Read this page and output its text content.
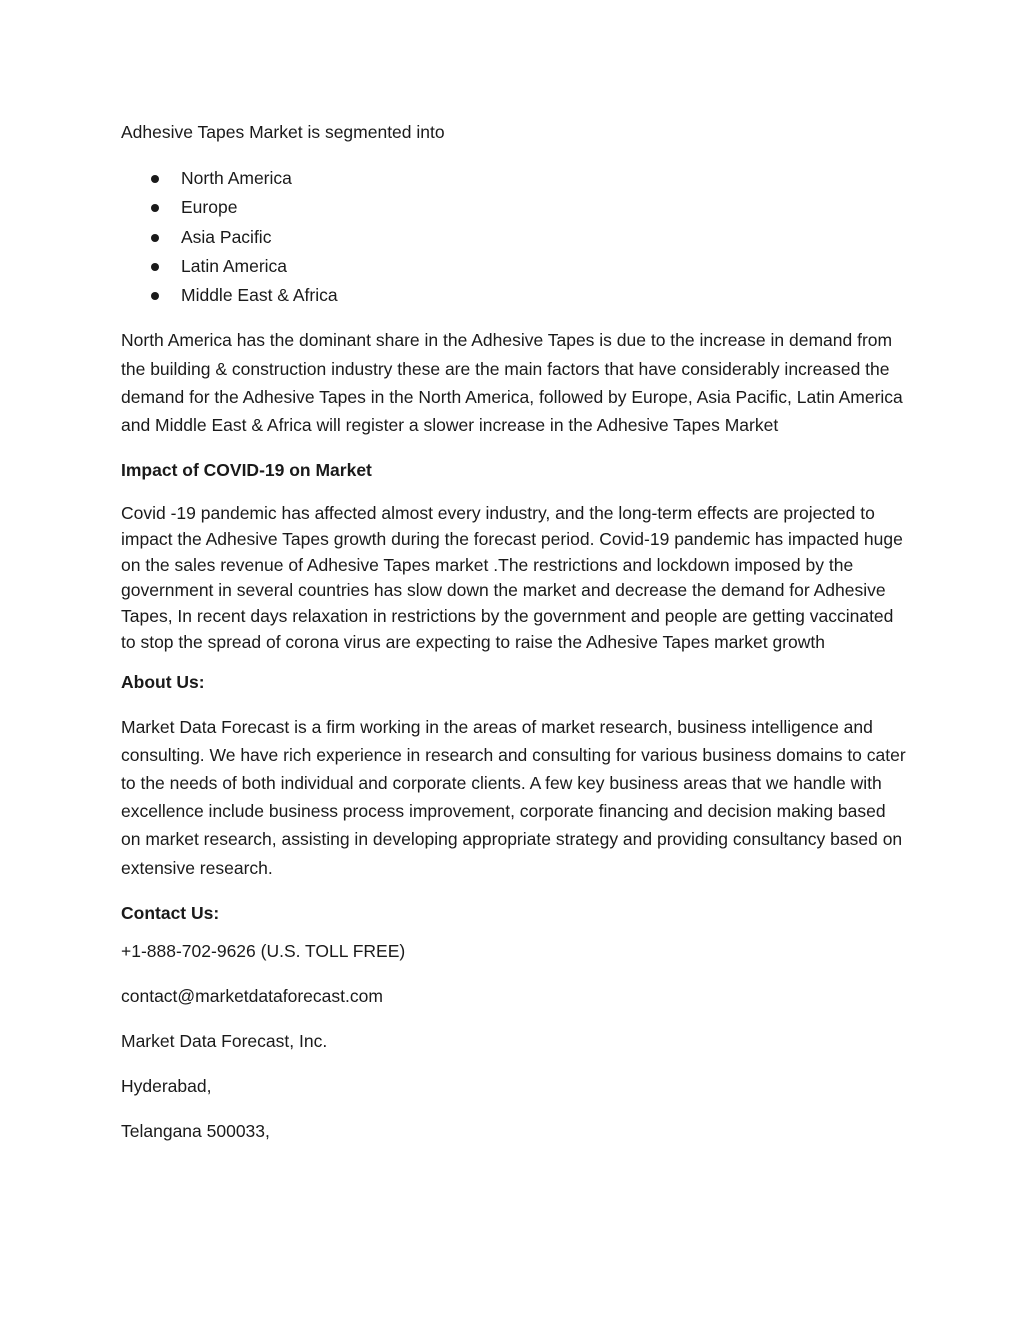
Adhesive Tapes Market is segmented into

North America
Europe
Asia Pacific
Latin America
Middle East & Africa

North America has the dominant share in the Adhesive Tapes is due to the increase in demand from the building & construction industry these are the main factors that have considerably increased the demand for the Adhesive Tapes in the North America, followed by Europe, Asia Pacific, Latin America and Middle East & Africa will register a slower increase in the Adhesive Tapes Market

Impact of COVID-19 on Market

Covid -19 pandemic has affected almost every industry, and the long-term effects are projected to impact the Adhesive Tapes growth during the forecast period. Covid-19 pandemic has impacted huge on the sales revenue of Adhesive Tapes market .The restrictions and lockdown imposed by the government in several countries has slow down the market and decrease the demand for Adhesive Tapes, In recent days relaxation in restrictions by the government and people are getting vaccinated to stop the spread of corona virus are expecting to raise the Adhesive Tapes market growth

About Us:

Market Data Forecast is a firm working in the areas of market research, business intelligence and consulting. We have rich experience in research and consulting for various business domains to cater to the needs of both individual and corporate clients. A few key business areas that we handle with excellence include business process improvement, corporate financing and decision making based on market research, assisting in developing appropriate strategy and providing consultancy based on extensive research.

Contact Us:

+1-888-702-9626 (U.S. TOLL FREE)

contact@marketdataforecast.com

Market Data Forecast, Inc.

Hyderabad,

Telangana 500033,
